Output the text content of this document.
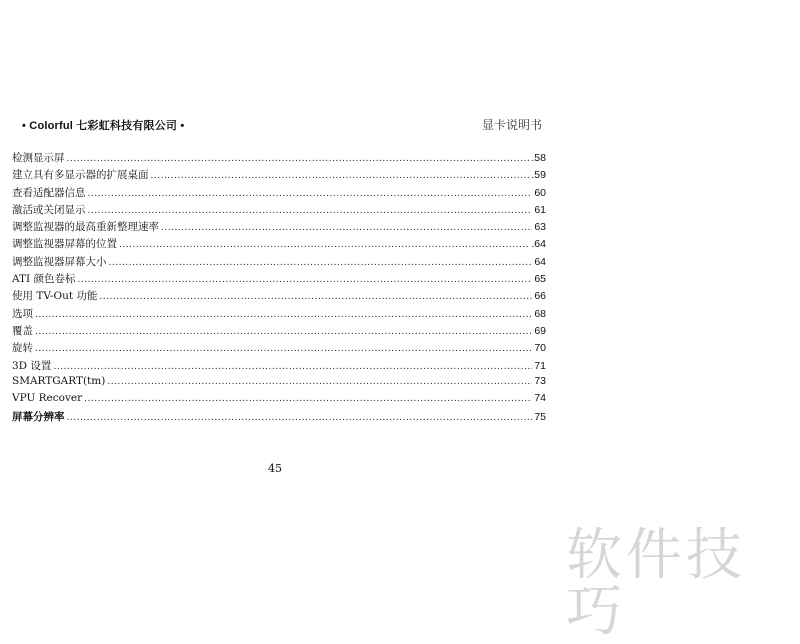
• Colorful 七彩虹科技有限公司 •	显卡说明书
检测显示屏 .....	.58
建立具有多显示器的扩展桌面 .....	.59
查看适配器信息 .....	60
激活或关闭显示 .....	61
调整监视器的最高重新整理速率 .....	63
调整监视器屏幕的位置 .....	.64
调整监视器屏幕大小 .....	64
ATI 颜色卷标 .....	65
使用 TV-Out 功能 .....	66
选项 .....	68
覆盖 .....	69
旋转 .....	70
3D 设置 .....	71
SMARTGART(tm) .....	73
VPU Recover .....	74
屏幕分辨率 .....	75
45
软件技巧
